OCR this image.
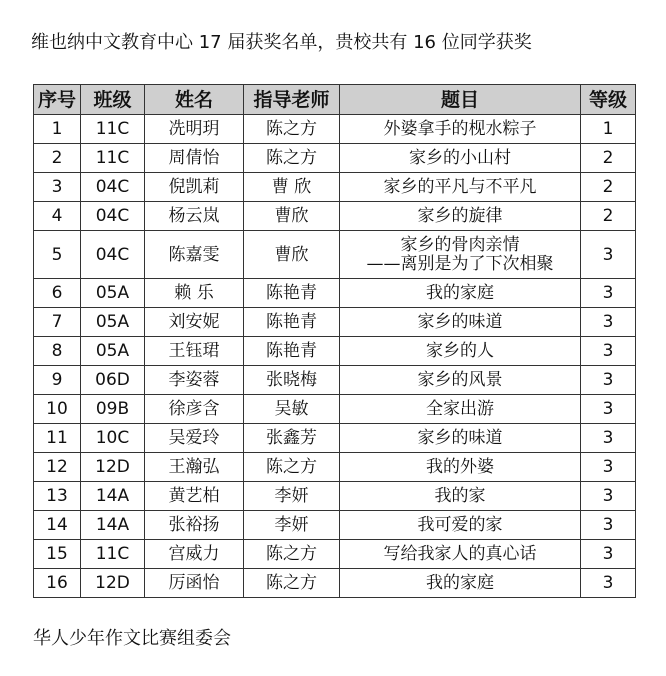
维也纳中文教育中心 17 届获奖名单，贵校共有 16 位同学获奖
序号	班级	姓名	指导老师	题目	等级
1	11C	冼明玥	陈之方	外婆拿手的枧水粽子	1
2	11C	周倩怡	陈之方	家乡的小山村	2
3	04C	倪凯莉	曹 欣	家乡的平凡与不平凡	2
4	04C	杨云岚	曹欣	家乡的旋律	2
5	04C	陈嘉雯	曹欣	家乡的骨肉亲情
——离别是为了下次相聚	3
6	05A	赖 乐	陈艳青	我的家庭	3
7	05A	刘安妮	陈艳青	家乡的味道	3
8	05A	王钰珺	陈艳青	家乡的人	3
9	06D	李姿蓉	张晓梅	家乡的风景	3
10	09B	徐彦含	吴敏	全家出游	3
11	10C	吴爱玲	张鑫芳	家乡的味道	3
12	12D	王瀚弘	陈之方	我的外婆	3
13	14A	黄艺柏	李妍	我的家	3
14	14A	张裕扬	李妍	我可爱的家	3
15	11C	宫威力	陈之方	写给我家人的真心话	3
16	12D	厉函怡	陈之方	我的家庭	3
华人少年作文比赛组委会
